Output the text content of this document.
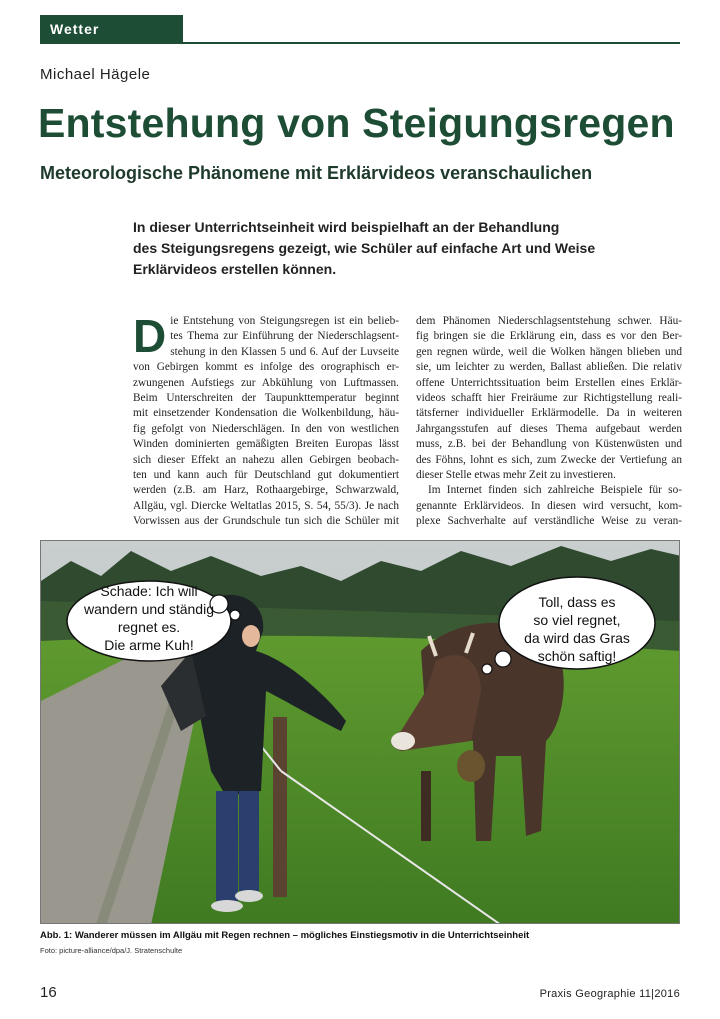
Wetter
Michael Hägele
Entstehung von Steigungsregen
Meteorologische Phänomene mit Erklärvideos veranschaulichen

In dieser Unterrichtseinheit wird beispielhaft an der Behandlung

des Steigungsregens gezeigt, wie Schüler auf einfache Art und Weise

Erklärvideos erstellen können.

D ie Entstehung von Steigungsregen ist ein belieb-
tes Thema zur Einführung der Niederschlagsent-
stehung in den Klassen 5 und 6. Auf der Luvseite
von Gebirgen kommt es infolge des orographisch er-
zwungenen Aufstiegs zur Abkühlung von Luftmassen.
Beim Unterschreiten der Taupunkttemperatur beginnt
mit einsetzender Kondensation die Wolkenbildung, häu-
fig gefolgt von Niederschlägen. In den von westlichen
Winden dominierten gemäßigten Breiten Europas lässt
sich dieser Effekt an nahezu allen Gebirgen beobach-
ten und kann auch für Deutschland gut dokumentiert
werden (z.B. am Harz, Rothaargebirge, Schwarzwald,
Allgäu, vgl. Diercke Weltatlas 2015, S. 54, 55/3). Je nach
Vorwissen aus der Grundschule tun sich die Schüler mit
dem Phänomen Niederschlagsentstehung schwer. Häu-
fig bringen sie die Erklärung ein, dass es vor den Ber-
gen regnen würde, weil die Wolken hängen blieben und
sie, um leichter zu werden, Ballast abließen. Die relativ
offene Unterrichtssituation beim Erstellen eines Erklär-
videos schafft hier Freiräume zur Richtigstellung reali-
tätsferner individueller Erklärmodelle. Da in weiteren
Jahrgangsstufen auf dieses Thema aufgebaut werden
muss, z.B. bei der Behandlung von Küstenwüsten und
des Föhns, lohnt es sich, zum Zwecke der Vertiefung an
dieser Stelle etwas mehr Zeit zu investieren.
Im Internet finden sich zahlreiche Beispiele für so-
genannte Erklärvideos. In diesen wird versucht, kom-
plexe Sachverhalte auf verständliche Weise zu veran-
Schade: Ich will
wandern und ständig
regnet es.
Die arme Kuh!
Toll, dass es
so viel regnet,
da wird das Gras
schön saftig!
Abb. 1: Wanderer müssen im Allgäu mit Regen rechnen – mögliches Einstiegsmotiv in die Unterrichtseinheit
Foto: picture-alliance/dpa/J. Stratenschulte
16	Praxis Geographie 11|2016
